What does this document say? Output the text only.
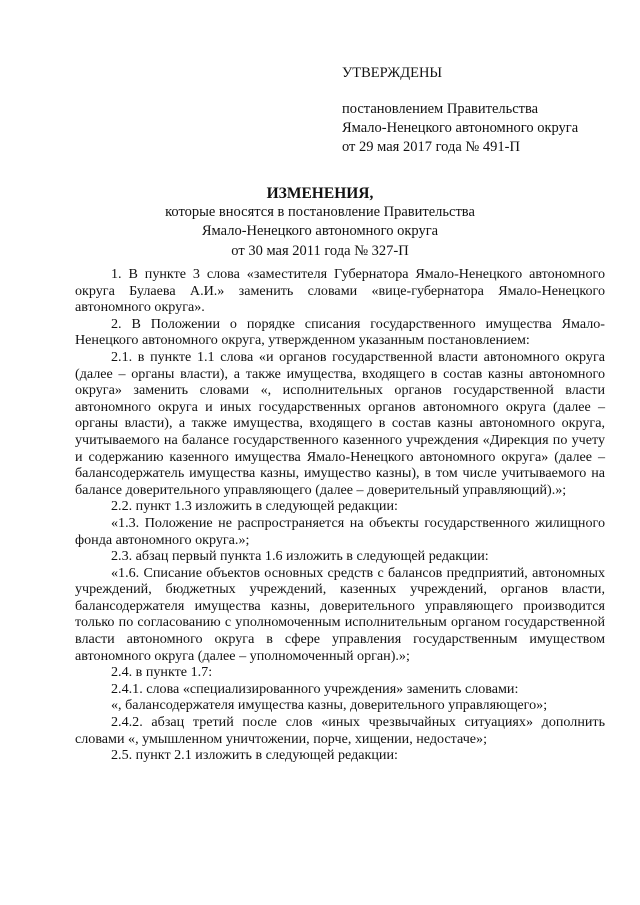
УТВЕРЖДЕНЫ
постановлением Правительства
Ямало-Ненецкого автономного округа
от 29 мая 2017 года № 491-П
ИЗМЕНЕНИЯ,
которые вносятся в постановление Правительства
Ямало-Ненецкого автономного округа
от 30 мая 2011 года № 327-П

1. В пункте 3 слова «заместителя Губернатора Ямало-Ненецкого автономного округа Булаева А.И.» заменить словами «вице-губернатора Ямало-Ненецкого автономного округа».

2. В Положении о порядке списания государственного имущества Ямало-Ненецкого автономного округа, утвержденном указанным постановлением:

2.1. в пункте 1.1 слова «и органов государственной власти автономного округа (далее – органы власти), а также имущества, входящего в состав казны автономного округа» заменить словами «, исполнительных органов государственной власти автономного округа и иных государственных органов автономного округа (далее – органы власти), а также имущества, входящего в состав казны автономного округа, учитываемого на балансе государственного казенного учреждения «Дирекция по учету и содержанию казенного имущества Ямало-Ненецкого автономного округа» (далее – балансодержатель имущества казны, имущество казны), в том числе учитываемого на балансе доверительного управляющего (далее – доверительный управляющий).»;

2.2. пункт 1.3 изложить в следующей редакции:

«1.3. Положение не распространяется на объекты государственного жилищного фонда автономного округа.»;

2.3. абзац первый пункта 1.6 изложить в следующей редакции:

«1.6. Списание объектов основных средств с балансов предприятий, автономных учреждений, бюджетных учреждений, казенных учреждений, органов власти, балансодержателя имущества казны, доверительного управляющего производится только по согласованию с уполномоченным исполнительным органом государственной власти автономного округа в сфере управления государственным имуществом автономного округа (далее – уполномоченный орган).»;

2.4. в пункте 1.7:

2.4.1. слова «специализированного учреждения» заменить словами:

«, балансодержателя имущества казны, доверительного управляющего»;

2.4.2. абзац третий после слов «иных чрезвычайных ситуациях» дополнить словами «, умышленном уничтожении, порче, хищении, недостаче»;

2.5. пункт 2.1 изложить в следующей редакции:
